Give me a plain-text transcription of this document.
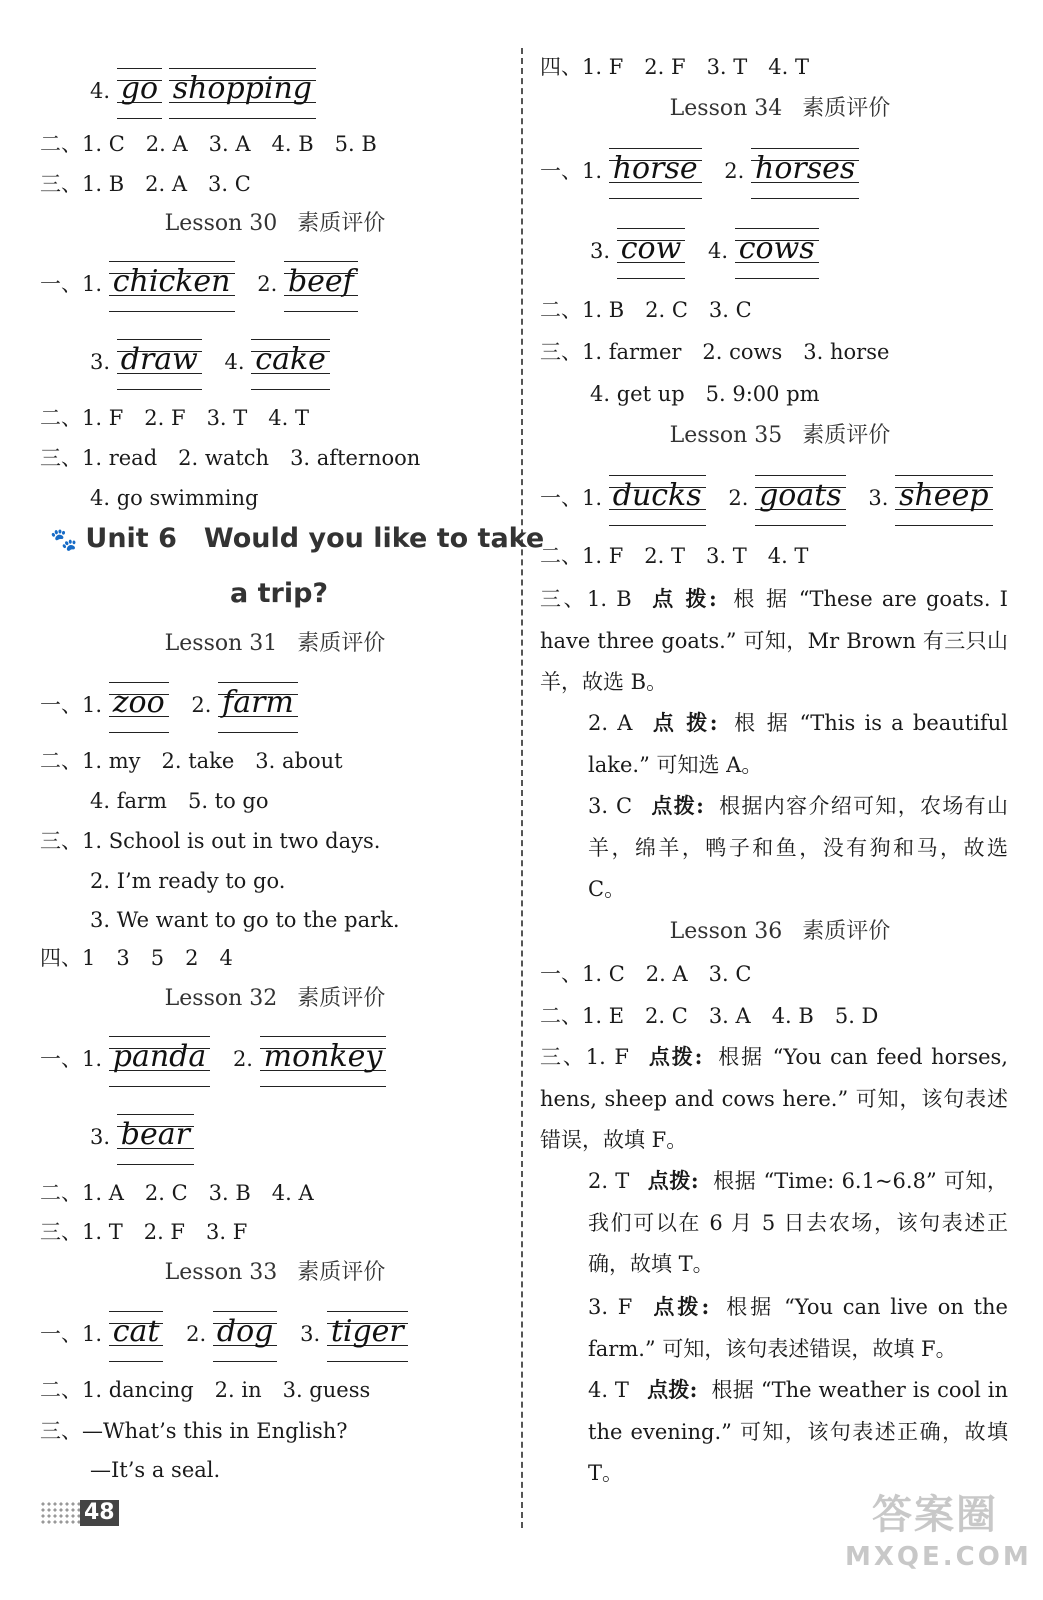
4. go shopping
二、1. C　2. A　3. A　4. B　5. B
三、1. B　2. A　3. C
Lesson 30 素质评价
一、1. chicken 2. beef
3. draw 4. cake
二、1. F　2. F　3. T　4. T
三、1. read　2. watch　3. afternoon
4. go swimming
🐾 Unit 6　Would you like to take
a trip?
Lesson 31 素质评价
一、1. zoo 2. farm
二、1. my　2. take　3. about
4. farm　5. to go
三、1. School is out in two days.
2. I’m ready to go.
3. We want to go to the park.
四、1　3　5　2　4
Lesson 32 素质评价
一、1. panda 2. monkey
3. bear
二、1. A　2. C　3. B　4. A
三、1. T　2. F　3. F
Lesson 33 素质评价
一、1. cat 2. dog 3. tiger
二、1. dancing　2. in　3. guess
三、—What’s this in English?
—It’s a seal.
四、1. F　2. F　3. T　4. T
Lesson 34 素质评价
一、1. horse 2. horses
3. cow 4. cows
二、1. B　2. C　3. C
三、1. farmer　2. cows　3. horse
4. get up　5. 9:00 pm
Lesson 35 素质评价
一、1. ducks 2. goats 3. sheep
二、1. F　2. T　3. T　4. T
三、1. B 点 拨: 根 据 “These are goats. I have three goats.” 可知，Mr Brown 有三只山羊，故选 B。
2. A 点 拨: 根 据 “This is a beautiful lake.” 可知选 A。
3. C 点拨: 根据内容介绍可知，农场有山羊，绵羊，鸭子和鱼，没有狗和马，故选 C。
Lesson 36 素质评价
一、1. C　2. A　3. C
二、1. E　2. C　3. A　4. B　5. D
三、1. F 点拨: 根据 “You can feed horses, hens, sheep and cows here.” 可知，该句表述错误，故填 F。
2. T 点拨: 根据 “Time: 6.1~6.8” 可知，我们可以在 6 月 5 日去农场，该句表述正确，故填 T。
3. F 点拨: 根据 “You can live on the farm.” 可知，该句表述错误，故填 F。
4. T 点拨: 根据 “The weather is cool in the evening.” 可知，该句表述正确，故填 T。
48	答案圈
MXQE.COM
